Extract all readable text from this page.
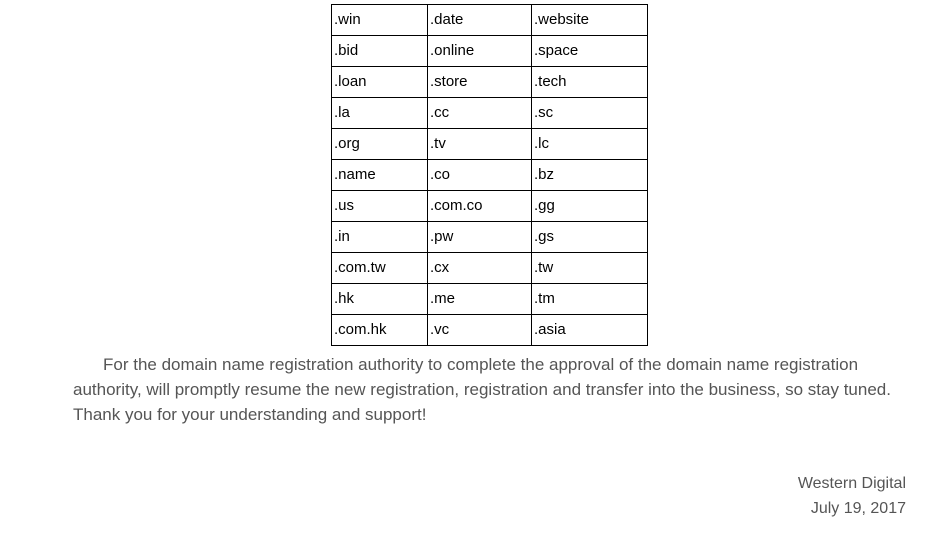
.win	.date	.website
.bid	.online	.space
.loan	.store	.tech
.la	.cc	.sc
.org	.tv	.lc
.name	.co	.bz
.us	.com.co	.gg
.in	.pw	.gs
.com.tw	.cx	.tw
.hk	.me	.tm
.com.hk	.vc	.asia

For the domain name registration authority to complete the approval of the domain name registration authority, will promptly resume the new registration, registration and transfer into the business, so stay tuned. Thank you for your understanding and support!

Western Digital
July 19, 2017
